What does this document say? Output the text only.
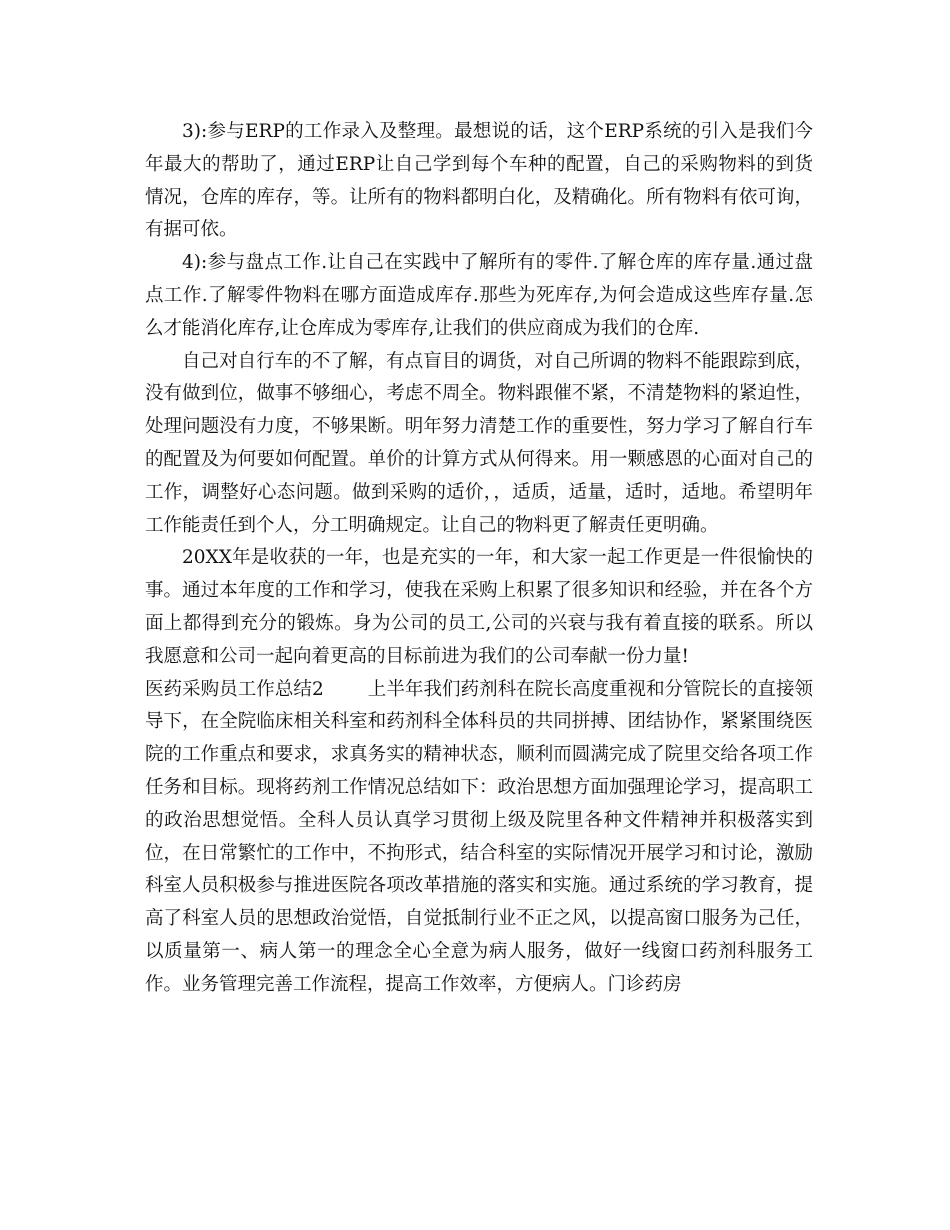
3):参与ERP的工作录入及整理。最想说的话，这个ERP系统的引入是我们今年最大的帮助了，通过ERP让自己学到每个车种的配置，自己的采购物料的到货情况，仓库的库存，等。让所有的物料都明白化，及精确化。所有物料有依可询，有据可依。

4):参与盘点工作.让自己在实践中了解所有的零件.了解仓库的库存量.通过盘点工作.了解零件物料在哪方面造成库存.那些为死库存,为何会造成这些库存量.怎么才能消化库存,让仓库成为零库存,让我们的供应商成为我们的仓库.

自己对自行车的不了解，有点盲目的调货，对自己所调的物料不能跟踪到底，没有做到位，做事不够细心，考虑不周全。物料跟催不紧，不清楚物料的紧迫性，处理问题没有力度，不够果断。明年努力清楚工作的重要性，努力学习了解自行车的配置及为何要如何配置。单价的计算方式从何得来。用一颗感恩的心面对自己的工作，调整好心态问题。做到采购的适价，，适质，适量，适时，适地。希望明年工作能责任到个人，分工明确规定。让自己的物料更了解责任更明确。

20XX年是收获的一年，也是充实的一年，和大家一起工作更是一件很愉快的事。通过本年度的工作和学习，使我在采购上积累了很多知识和经验，并在各个方面上都得到充分的锻炼。身为公司的员工,公司的兴衰与我有着直接的联系。所以我愿意和公司一起向着更高的目标前进为我们的公司奉献一份力量!

医药采购员工作总结2 上半年我们药剂科在院长高度重视和分管院长的直接领导下，在全院临床相关科室和药剂科全体科员的共同拼搏、团结协作，紧紧围绕医院的工作重点和要求，求真务实的精神状态，顺利而圆满完成了院里交给各项工作任务和目标。现将药剂工作情况总结如下：政治思想方面加强理论学习，提高职工的政治思想觉悟。全科人员认真学习贯彻上级及院里各种文件精神并积极落实到位，在日常繁忙的工作中，不拘形式，结合科室的实际情况开展学习和讨论，激励科室人员积极参与推进医院各项改革措施的落实和实施。通过系统的学习教育，提高了科室人员的思想政治觉悟，自觉抵制行业不正之风，以提高窗口服务为己任，以质量第一、病人第一的理念全心全意为病人服务，做好一线窗口药剂科服务工作。业务管理完善工作流程，提高工作效率，方便病人。门诊药房
